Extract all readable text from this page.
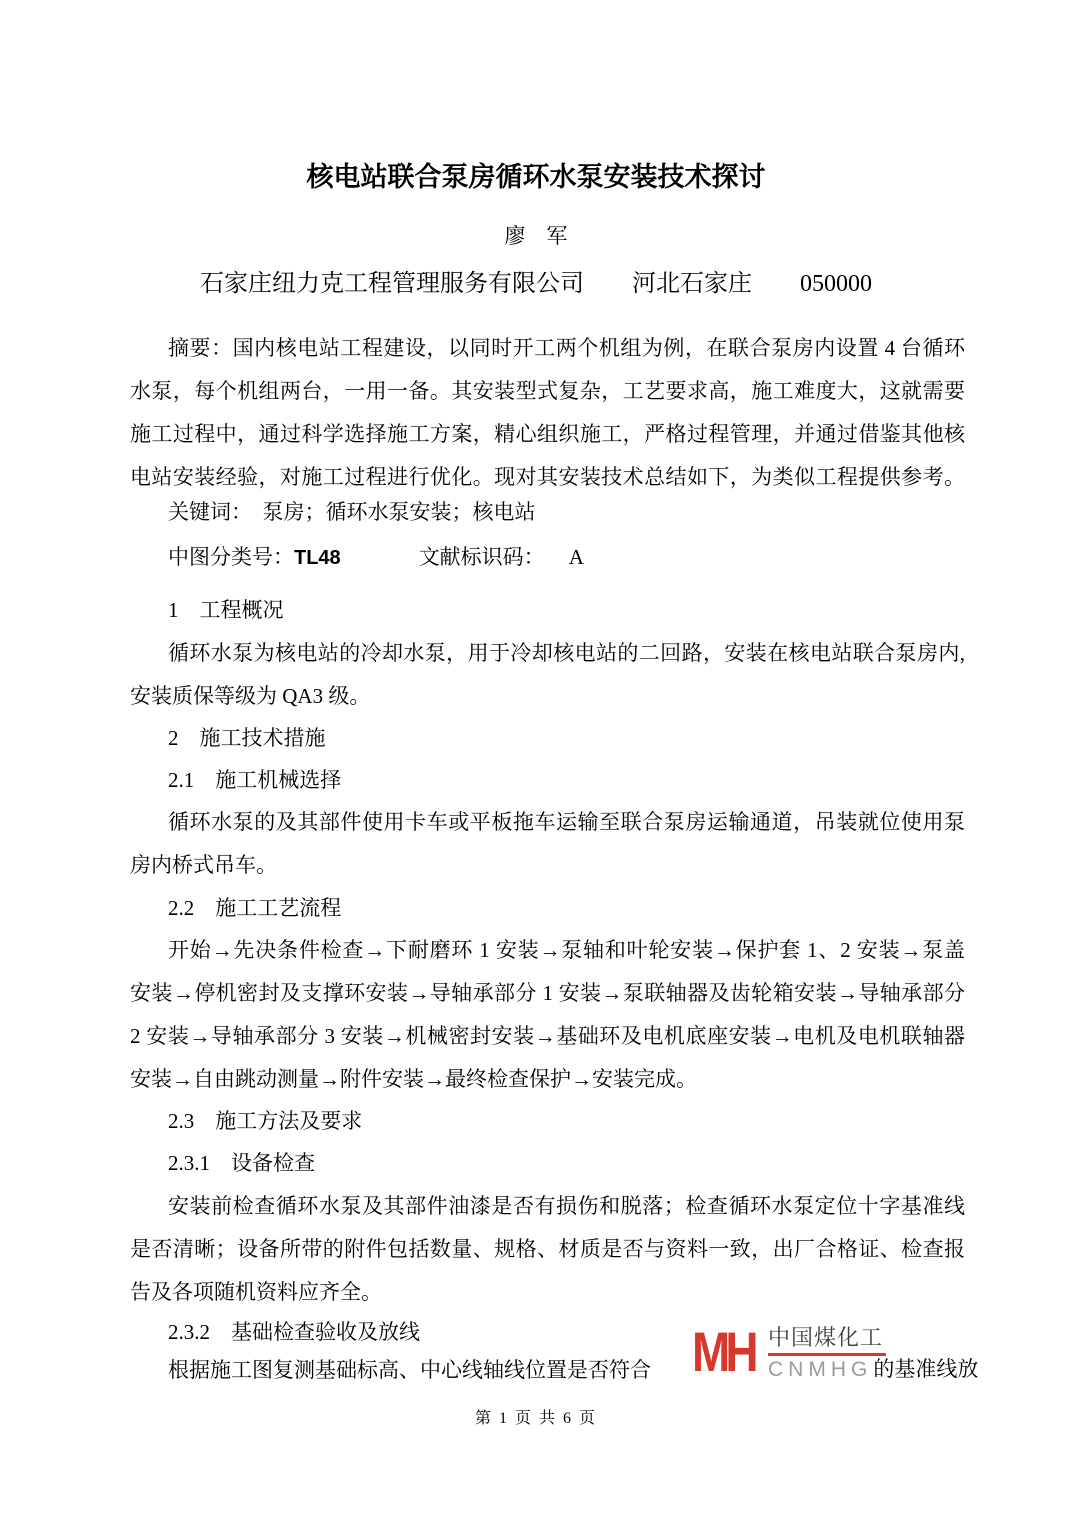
核电站联合泵房循环水泵安装技术探讨
廖　军
石家庄纽力克工程管理服务有限公司　　河北石家庄　　050000
摘要：国内核电站工程建设，以同时开工两个机组为例，在联合泵房内设置 4 台循环
水泵，每个机组两台，一用一备。其安装型式复杂，工艺要求高，施工难度大，这就需要
施工过程中，通过科学选择施工方案，精心组织施工，严格过程管理，并通过借鉴其他核
电站安装经验，对施工过程进行优化。现对其安装技术总结如下，为类似工程提供参考。
关键词：　泵房；循环水泵安装；核电站
中图分类号：TL48	文献标识码： A
1　工程概况
循环水泵为核电站的冷却水泵，用于冷却核电站的二回路，安装在核电站联合泵房内,
安装质保等级为 QA3 级。
2　施工技术措施
2.1　施工机械选择
循环水泵的及其部件使用卡车或平板拖车运输至联合泵房运输通道，吊装就位使用泵
房内桥式吊车。
2.2　施工工艺流程
开始→先决条件检查→下耐磨环 1 安装→泵轴和叶轮安装→保护套 1、2 安装→泵盖
安装→停机密封及支撑环安装→导轴承部分 1 安装→泵联轴器及齿轮箱安装→导轴承部分
2 安装→导轴承部分 3 安装→机械密封安装→基础环及电机底座安装→电机及电机联轴器
安装→自由跳动测量→附件安装→最终检查保护→安装完成。
2.3　施工方法及要求
2.3.1　设备检查
安装前检查循环水泵及其部件油漆是否有损伤和脱落；检查循环水泵定位十字基准线
是否清晰；设备所带的附件包括数量、规格、材质是否与资料一致，出厂合格证、检查报
告及各项随机资料应齐全。
2.3.2　基础检查验收及放线
根据施工图复测基础标高、中心线轴线位置是否符合 MH 中国煤化工
CNMHG的基准线放
第 1 页 共 6 页
